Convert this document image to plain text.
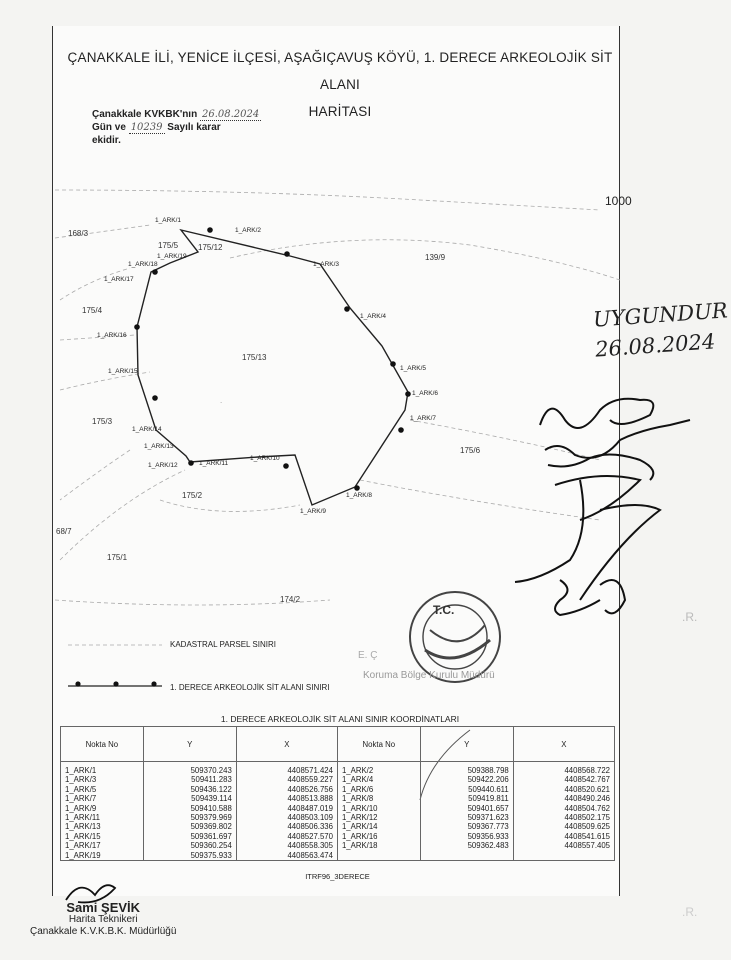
ÇANAKKALE İLİ, YENİCE İLÇESİ, AŞAĞIÇAVUŞ KÖYÜ, 1. DERECE ARKEOLOJİK SİT ALANI
HARİTASI
Çanakkale KVKBK'nın 26.08.2024
Gün ve 10239 Sayılı karar
ekidir.
1000
168/3
175/5 175/12
139/9
175/4
175/13
175/3
175/6
175/2
68/7
175/1
174/2
1_ARK/1
1_ARK/2
1_ARK/3
1_ARK/4
1_ARK/5
1_ARK/6
1_ARK/7
1_ARK/8
1_ARK/9
1_ARK/10
1_ARK/11
1_ARK/12
1_ARK/13
1_ARK/14
1_ARK/15
1_ARK/16
1_ARK/17
1_ARK/18
1_ARK/19
.
T.C.
UYGUNDUR
26.08.2024
KADASTRAL PARSEL SINIRI
1. DERECE ARKEOLOJİK SİT ALANI SINIRI
E. Ç
Koruma Bölge Kurulu Müdürü
1. DERECE ARKEOLOJİK SİT ALANI SINIR KOORDİNATLARI
Nokta No	Y	X	Nokta No	Y	X
1_ARK/1	509370.243	4408571.424	1_ARK/2	509388.798	4408568.722
1_ARK/3	509411.283	4408559.227	1_ARK/4	509422.206	4408542.767
1_ARK/5	509436.122	4408526.756	1_ARK/6	509440.611	4408520.621
1_ARK/7	509439.114	4408513.888	1_ARK/8	509419.811	4408490.246
1_ARK/9	509410.588	4408487.019	1_ARK/10	509401.657	4408504.762
1_ARK/11	509379.969	4408503.109	1_ARK/12	509371.623	4408502.175
1_ARK/13	509369.802	4408506.336	1_ARK/14	509367.773	4408509.625
1_ARK/15	509361.697	4408527.570	1_ARK/16	509356.933	4408541.615
1_ARK/17	509360.254	4408558.305	1_ARK/18	509362.483	4408557.405
1_ARK/19	509375.933	4408563.474			
ITRF96_3DERECE
Sami ŞEVİK
Harita Teknikeri
Çanakkale K.V.K.B.K. Müdürlüğü
.R.
.R.
